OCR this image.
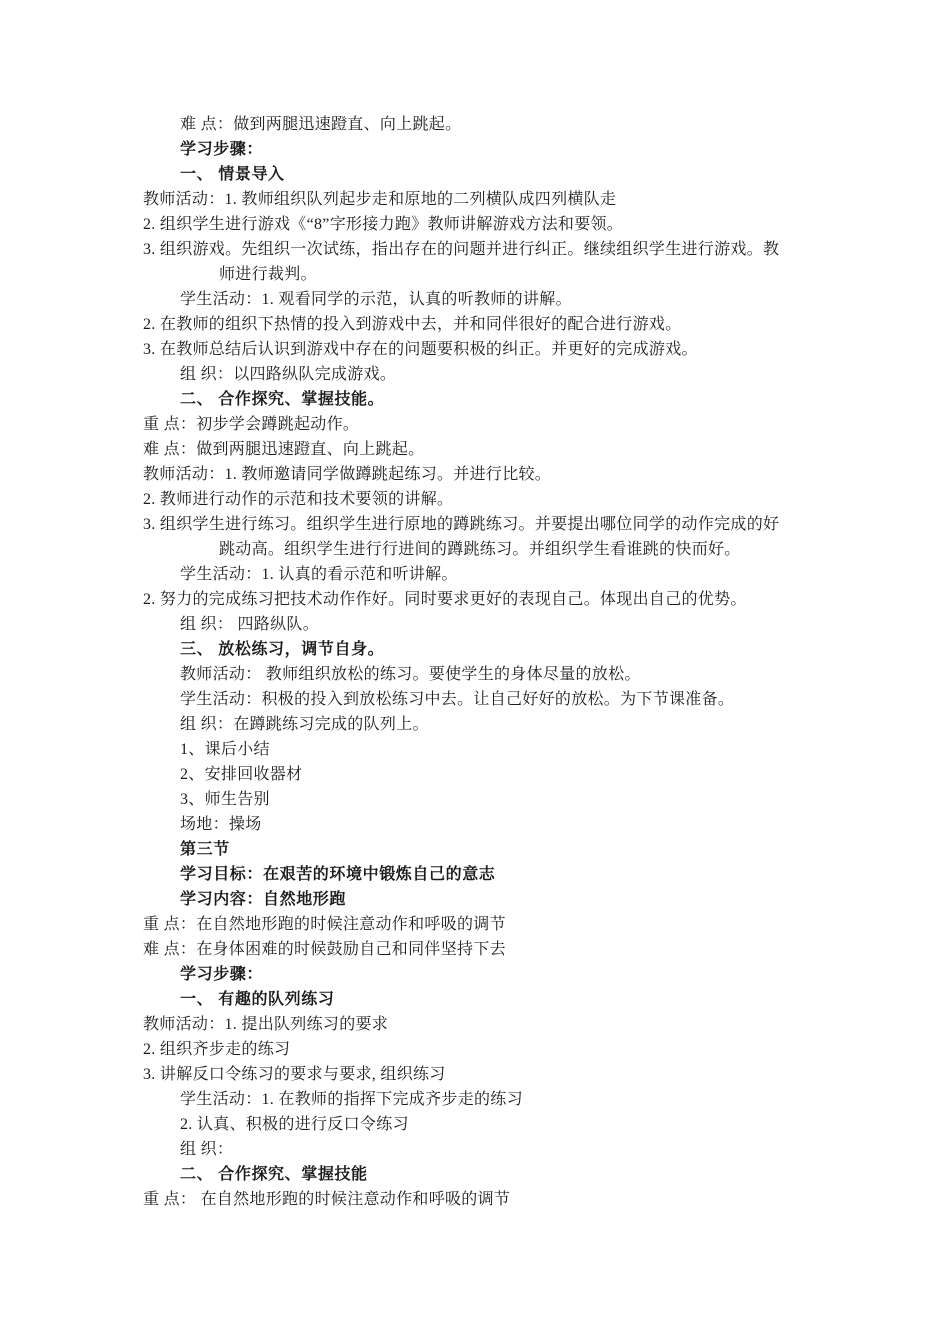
难 点：做到两腿迅速蹬直、向上跳起。
学习步骤：
一、 情景导入
教师活动：1. 教师组织队列起步走和原地的二列横队成四列横队走
2. 组织学生进行游戏《“8”字形接力跑》教师讲解游戏方法和要领。
3. 组织游戏。先组织一次试练，指出存在的问题并进行纠正。继续组织学生进行游戏。教
师进行裁判。
学生活动：1. 观看同学的示范，认真的听教师的讲解。
2. 在教师的组织下热情的投入到游戏中去，并和同伴很好的配合进行游戏。
3. 在教师总结后认识到游戏中存在的问题要积极的纠正。并更好的完成游戏。
组 织：以四路纵队完成游戏。
二、 合作探究、掌握技能。
重 点：初步学会蹲跳起动作。
难 点：做到两腿迅速蹬直、向上跳起。
教师活动：1. 教师邀请同学做蹲跳起练习。并进行比较。
2. 教师进行动作的示范和技术要领的讲解。
3. 组织学生进行练习。组织学生进行原地的蹲跳练习。并要提出哪位同学的动作完成的好
跳动高。组织学生进行行进间的蹲跳练习。并组织学生看谁跳的快而好。
学生活动：1. 认真的看示范和听讲解。
2. 努力的完成练习把技术动作作好。同时要求更好的表现自己。体现出自己的优势。
组 织： 四路纵队。
三、 放松练习，调节自身。
教师活动： 教师组织放松的练习。要使学生的身体尽量的放松。
学生活动：积极的投入到放松练习中去。让自己好好的放松。为下节课准备。
组 织：在蹲跳练习完成的队列上。
1、课后小结
2、安排回收器材
3、师生告别
场地：操场
第三节
学习目标：在艰苦的环境中锻炼自己的意志
学习内容：自然地形跑
重 点：在自然地形跑的时候注意动作和呼吸的调节
难 点：在身体困难的时候鼓励自己和同伴坚持下去
学习步骤：
一、 有趣的队列练习
教师活动：1. 提出队列练习的要求
2. 组织齐步走的练习
3. 讲解反口令练习的要求与要求, 组织练习
学生活动：1. 在教师的指挥下完成齐步走的练习
2. 认真、积极的进行反口令练习
组 织：
二、 合作探究、掌握技能
重 点： 在自然地形跑的时候注意动作和呼吸的调节
